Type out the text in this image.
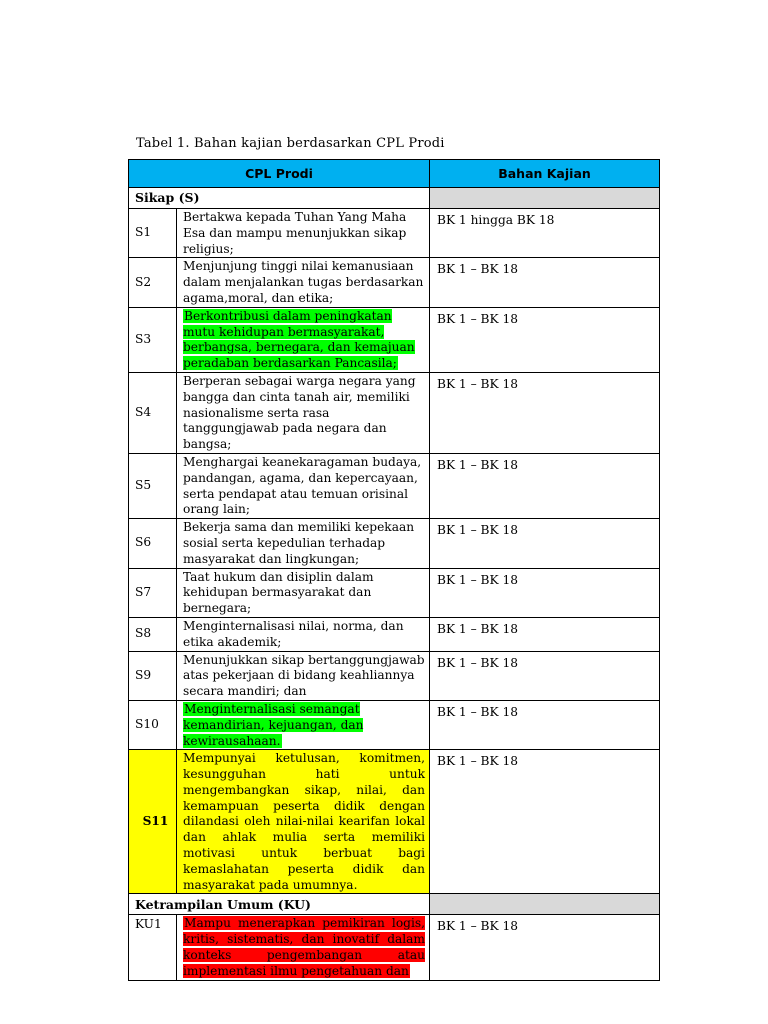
Tabel 1. Bahan kajian berdasarkan CPL Prodi
CPL Prodi		Bahan Kajian
Sikap (S)		
S1	Bertakwa kepada Tuhan Yang Maha Esa dan mampu menunjukkan sikap religius;	BK 1 hingga BK 18
S2	Menjunjung tinggi nilai kemanusiaan dalam menjalankan tugas berdasarkan agama,moral, dan etika;	BK 1 – BK 18
S3	Berkontribusi dalam peningkatan mutu kehidupan bermasyarakat, berbangsa, bernegara, dan kemajuan peradaban berdasarkan Pancasila;	BK 1 – BK 18
S4	Berperan sebagai warga negara yang bangga dan cinta tanah air, memiliki nasionalisme serta rasa tanggungjawab pada negara dan bangsa;	BK 1 – BK 18
S5	Menghargai keanekaragaman budaya, pandangan, agama, dan kepercayaan, serta pendapat atau temuan orisinal orang lain;	BK 1 – BK 18
S6	Bekerja sama dan memiliki kepekaan sosial serta kepedulian terhadap masyarakat dan lingkungan;	BK 1 – BK 18
S7	Taat hukum dan disiplin dalam kehidupan bermasyarakat dan bernegara;	BK 1 – BK 18
S8	Menginternalisasi nilai, norma, dan etika akademik;	BK 1 – BK 18
S9	Menunjukkan sikap bertanggungjawab atas pekerjaan di bidang keahliannya secara mandiri; dan	BK 1 – BK 18
S10	Menginternalisasi semangat kemandirian, kejuangan, dan kewirausahaan.	BK 1 – BK 18
S11	Mempunyai ketulusan, komitmen, kesungguhan hati untuk mengembangkan sikap, nilai, dan kemampuan peserta didik dengan dilandasi oleh nilai-nilai kearifan lokal dan ahlak mulia serta memiliki motivasi untuk berbuat bagi kemaslahatan peserta didik dan masyarakat pada umumnya.	BK 1 – BK 18
Ketrampilan Umum (KU)		
KU1	Mampu menerapkan pemikiran logis, kritis, sistematis, dan inovatif dalam konteks pengembangan atau implementasi ilmu pengetahuan dan	BK 1 – BK 18
